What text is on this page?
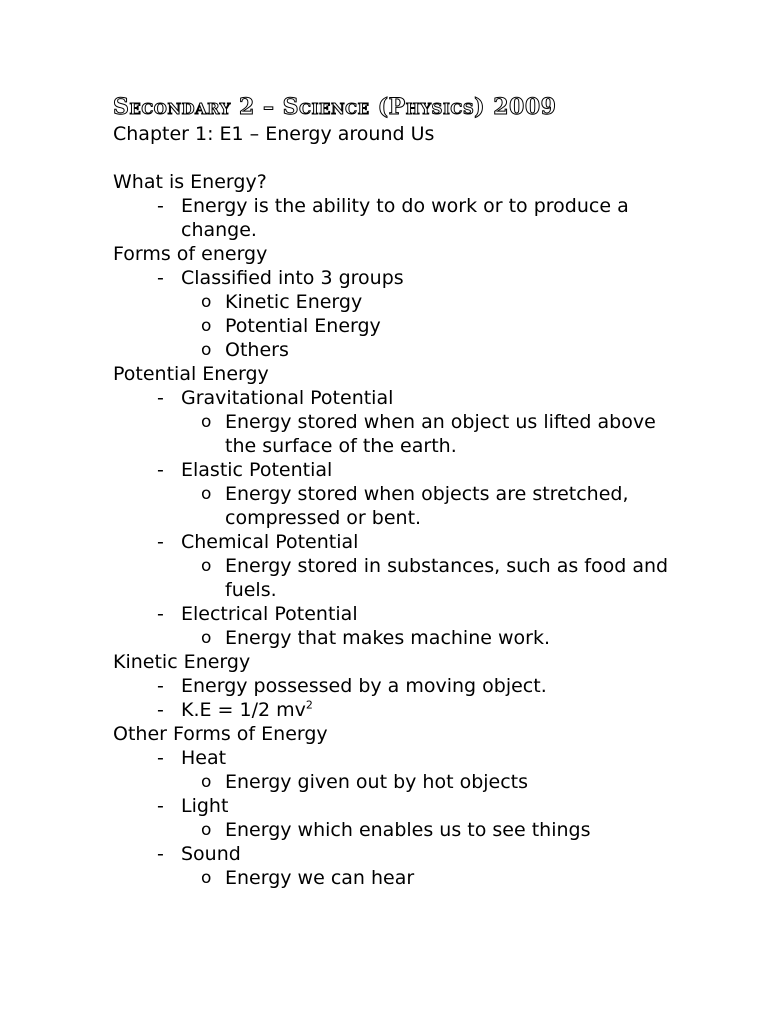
Secondary 2 – Science (Physics) 2009
Chapter 1: E1 – Energy around Us
What is Energy?
- Energy is the ability to do work or to produce a change.
Forms of energy
- Classified into 3 groups
o Kinetic Energy
o Potential Energy
o Others
Potential Energy
- Gravitational Potential
o Energy stored when an object us lifted above the surface of the earth.
- Elastic Potential
o Energy stored when objects are stretched, compressed or bent.
- Chemical Potential
o Energy stored in substances, such as food and fuels.
- Electrical Potential
o Energy that makes machine work.
Kinetic Energy
- Energy possessed by a moving object.
- K.E = 1/2 $mv^2$
Other Forms of Energy
- Heat
o Energy given out by hot objects
- Light
o Energy which enables us to see things
- Sound
o Energy we can hear
